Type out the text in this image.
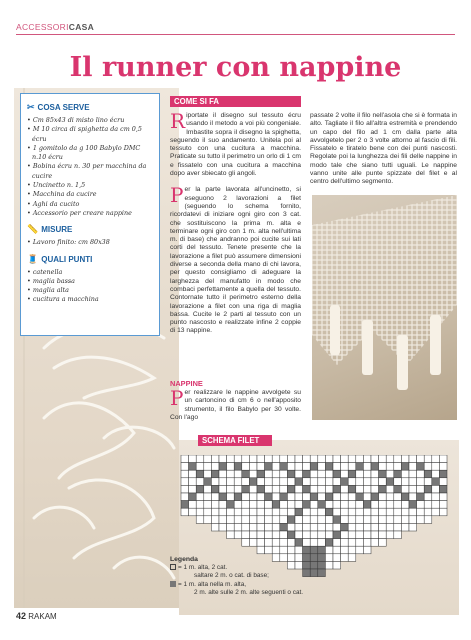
ACCESSORICASA
Il runner con nappine
✂ COSA SERVE
• Cm 85x43 di misto lino écru
• M 10 circa di spighetta da cm 0,5 écru
• 1 gomitolo da g 100 Babylo DMC n.10 écru
• Bobina écru n. 30 per macchina da cucire
• Uncinetto n. 1,5
• Macchina da cucire
• Aghi da cucito
• Accessorio per creare nappine
📏 MISURE
• Lavoro finito: cm 80x38
🧵 QUALI PUNTI
• catenella
• maglia bassa
• maglia alta
• cucitura a macchina
COME SI FA

Riportate il disegno sul tessuto écru usando il metodo a voi più congeniale. Imbastite sopra il disegno la spighetta, seguendo il suo andamento. Unitela poi al tessuto con una cucitura a macchina. Praticate su tutto il perimetro un orlo di 1 cm e fissatelo con una cucitura a macchina dopo aver sbiecato gli angoli.

Per la parte lavorata all'uncinetto, si eseguono 2 lavorazioni a filet (seguendo lo schema fornito, ricordatevi di iniziare ogni giro con 3 cat. che sostituiscono la prima m. alta e terminare ogni giro con 1 m. alta nell'ultima m. di base) che andranno poi cucite sui lati corti del tessuto. Tenete presente che la lavorazione a filet può assumere dimensioni diverse a seconda della mano di chi lavora, per questo consigliamo di adeguare la larghezza del manufatto in modo che combaci perfettamente a quella del tessuto. Contornate tutto il perimetro esterno della lavorazione a filet con una riga di maglia bassa. Cucite le 2 parti al tessuto con un punto nascosto e realizzate infine 2 coppie di 13 nappine.

passate 2 volte il filo nell'asola che si è formata in alto. Tagliate il filo all'altra estremità e prendendo un capo del filo ad 1 cm dalla parte alta avvolgetelo per 2 o 3 volte attorno al fascio di fili. Fissatelo e tiratelo bene con dei punti nascosti. Regolate poi la lunghezza dei fili delle nappine in modo tale che siano tutti uguali. Le nappine vanno unite alle punte spizzate del filet e al centro dell'ultimo segmento.
NAPPINE
Per realizzare le nappine avvolgete su un cartoncino di cm 6 o nell'apposito strumento, il filo Babylo per 30 volte. Con l'ago
SCHEMA FILET
Legenda
= 1 m. alta, 2 cat.
saltare 2 m. o cat. di base;
= 1 m. alta nella m. alta,
2 m. alte sulle 2 m. alte seguenti o cat.
42 RAKAM
